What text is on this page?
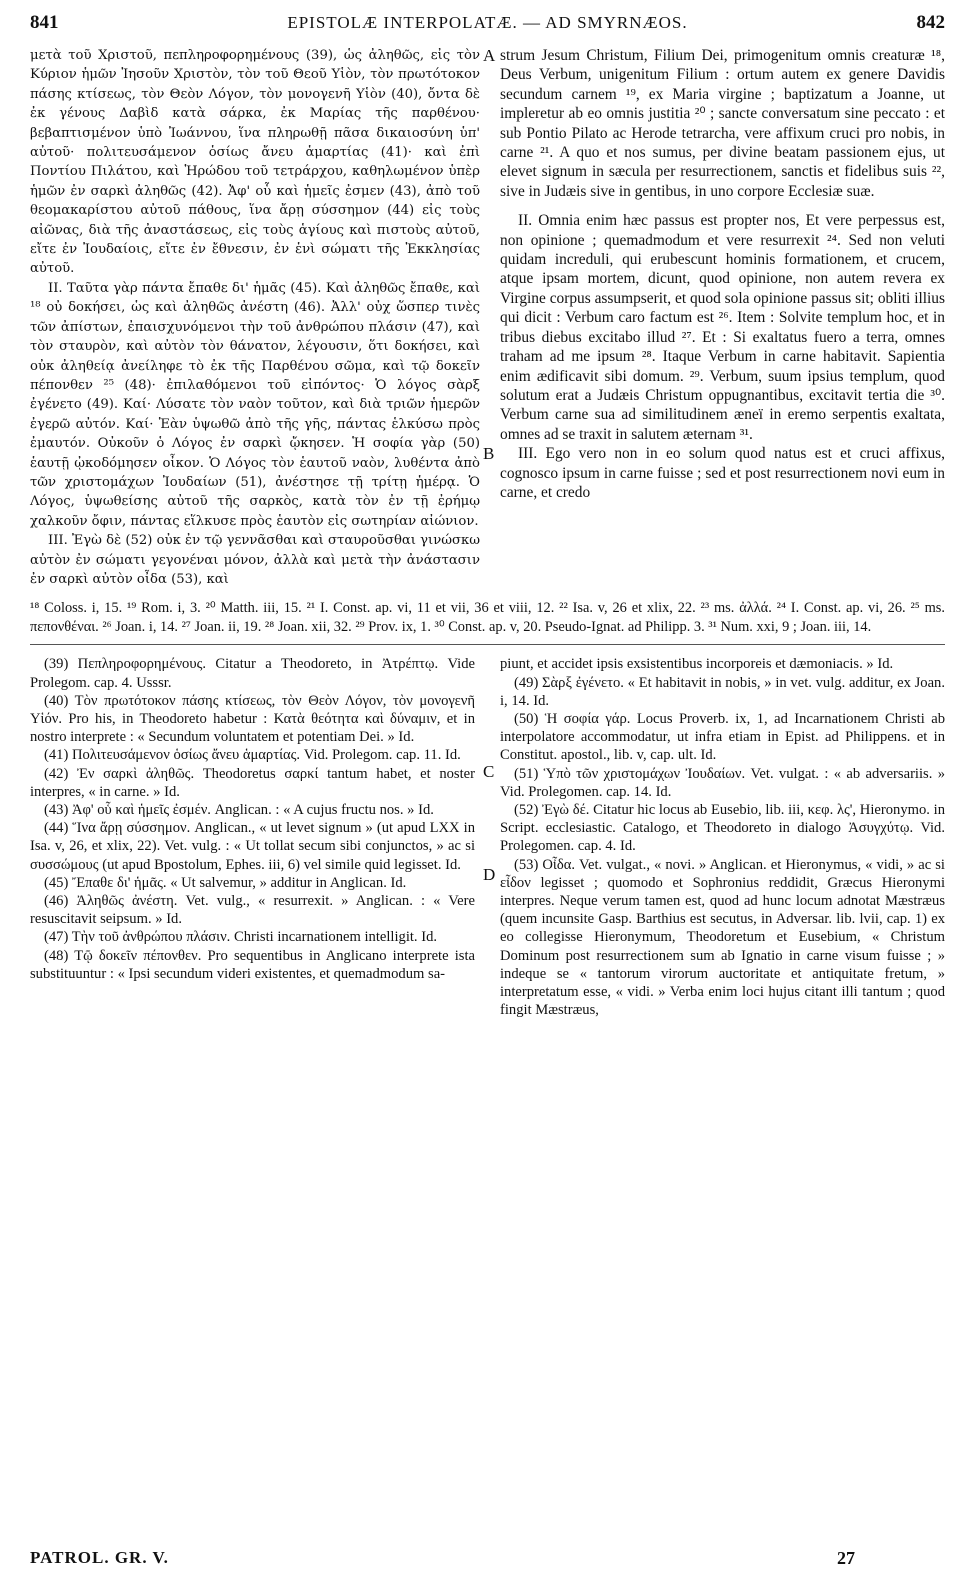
841	EPISTOLÆ INTERPOLATÆ. — AD SMYRNÆOS.	842

μετὰ τοῦ Χριστοῦ, πεπληροφορημένους (39), ὡς ἀληθῶς, εἰς τὸν Κύριον ἡμῶν Ἰησοῦν Χριστὸν, τὸν τοῦ Θεοῦ Υἱὸν, τὸν πρωτότοκον πάσης κτίσεως, τὸν Θεὸν Λόγον, τὸν μονογενῆ Υἱὸν (40), ὄντα δὲ ἐκ γένους Δαβὶδ κατὰ σάρκα, ἐκ Μαρίας τῆς παρθένου· βεβαπτισμένον ὑπὸ Ἰωάννου, ἵνα πληρωθῇ πᾶσα δικαιοσύνη ὑπ' αὐτοῦ· πολιτευσάμενον ὁσίως ἄνευ ἁμαρτίας (41)· καὶ ἐπὶ Ποντίου Πιλάτου, καὶ Ἡρώδου τοῦ τετράρχου, καθηλωμένον ὑπὲρ ἡμῶν ἐν σαρκὶ ἀληθῶς (42). Ἀφ' οὗ καὶ ἡμεῖς ἐσμεν (43), ἀπὸ τοῦ θεομακαρίστου αὐτοῦ πάθους, ἵνα ἄρῃ σύσσημον (44) εἰς τοὺς αἰῶνας, διὰ τῆς ἀναστάσεως, εἰς τοὺς ἁγίους καὶ πιστοὺς αὐτοῦ, εἴτε ἐν Ἰουδαίοις, εἴτε ἐν ἔθνεσιν, ἐν ἑνὶ σώματι τῆς Ἐκκλησίας αὐτοῦ.

II. Ταῦτα γὰρ πάντα ἔπαθε δι' ἡμᾶς (45). Καὶ ἀληθῶς ἔπαθε, καὶ ¹⁸ οὐ δοκήσει, ὡς καὶ ἀληθῶς ἀνέστη (46). Ἀλλ' οὐχ ὥσπερ τινὲς τῶν ἀπίστων, ἐπαισχυνόμενοι τὴν τοῦ ἀνθρώπου πλάσιν (47), καὶ τὸν σταυρὸν, καὶ αὐτὸν τὸν θάνατον, λέγουσιν, ὅτι δοκήσει, καὶ οὐκ ἀληθείᾳ ἀνείληφε τὸ ἐκ τῆς Παρθένου σῶμα, καὶ τῷ δοκεῖν πέπονθεν ²⁵ (48)· ἐπιλαθόμενοι τοῦ εἰπόντος· Ὁ λόγος σὰρξ ἐγένετο (49). Καί· Λύσατε τὸν ναὸν τοῦτον, καὶ διὰ τριῶν ἡμερῶν ἐγερῶ αὐτόν. Καί· Ἐὰν ὑψωθῶ ἀπὸ τῆς γῆς, πάντας ἑλκύσω πρὸς ἐμαυτόν. Οὐκοῦν ὁ Λόγος ἐν σαρκὶ ᾤκησεν. Ἡ σοφία γὰρ (50) ἑαυτῇ ᾠκοδόμησεν οἶκον. Ὁ Λόγος τὸν ἑαυτοῦ ναὸν, λυθέντα ἀπὸ τῶν χριστομάχων Ἰουδαίων (51), ἀνέστησε τῇ τρίτῃ ἡμέρᾳ. Ὁ Λόγος, ὑψωθείσης αὐτοῦ τῆς σαρκὸς, κατὰ τὸν ἐν τῇ ἐρήμῳ χαλκοῦν ὄφιν, πάντας εἵλκυσε πρὸς ἑαυτὸν εἰς σωτηρίαν αἰώνιον.

III. Ἐγὼ δὲ (52) οὐκ ἐν τῷ γεννᾶσθαι καὶ σταυροῦσθαι γινώσκω αὐτὸν ἐν σώματι γεγονέναι μόνον, ἀλλὰ καὶ μετὰ τὴν ἀνάστασιν ἐν σαρκὶ αὐτὸν οἶδα (53), καὶ

A
B
C

strum Jesum Christum, Filium Dei, primogenitum omnis creaturæ ¹⁸, Deus Verbum, unigenitum Filium : ortum autem ex genere Davidis secundum carnem ¹⁹, ex Maria virgine ; baptizatum a Joanne, ut impleretur ab eo omnis justitia ²⁰ ; sancte conversatum sine peccato : et sub Pontio Pilato ac Herode tetrarcha, vere affixum cruci pro nobis, in carne ²¹. A quo et nos sumus, per divine beatam passionem ejus, ut elevet signum in sæcula per resurrectionem, sanctis et fidelibus suis ²², sive in Judæis sive in gentibus, in uno corpore Ecclesiæ suæ.

II. Omnia enim hæc passus est propter nos, Et vere perpessus est, non opinione ; quemadmodum et vere resurrexit ²⁴. Sed non veluti quidam increduli, qui erubescunt hominis formationem, et crucem, atque ipsam mortem, dicunt, quod opinione, non autem revera ex Virgine corpus assumpserit, et quod sola opinione passus sit; obliti illius qui dicit : Verbum caro factum est ²⁶. Item : Solvite templum hoc, et in tribus diebus excitabo illud ²⁷. Et : Si exaltatus fuero a terra, omnes traham ad me ipsum ²⁸. Itaque Verbum in carne habitavit. Sapientia enim ædificavit sibi domum. ²⁹. Verbum, suum ipsius templum, quod solutum erat a Judæis Christum oppugnantibus, excitavit tertia die ³⁰. Verbum carne sua ad similitudinem æneï in eremo serpentis exaltata, omnes ad se traxit in salutem æternam ³¹.

III. Ego vero non in eo solum quod natus est et cruci affixus, cognosco ipsum in carne fuisse ; sed et post resurrectionem novi eum in carne, et credo

¹⁸ Coloss. i, 15. ¹⁹ Rom. i, 3. ²⁰ Matth. iii, 15. ²¹ I. Const. ap. vi, 11 et vii, 36 et viii, 12. ²² Isa. v, 26 et xlix, 22. ²³ ms. ἀλλά. ²⁴ I. Const. ap. vi, 26. ²⁵ ms. πεπονθέναι. ²⁶ Joan. i, 14. ²⁷ Joan. ii, 19. ²⁸ Joan. xii, 32. ²⁹ Prov. ix, 1. ³⁰ Const. ap. v, 20. Pseudo-Ignat. ad Philipp. 3. ³¹ Num. xxi, 9 ; Joan. iii, 14.

(39) Πεπληροφορημένους. Citatur a Theodoreto, in Ἀτρέπτῳ. Vide Prolegom. cap. 4. Usssr.

(40) Τὸν πρωτότοκον πάσης κτίσεως, τὸν Θεὸν Λόγον, τὸν μονογενῆ Υἱόν. Pro his, in Theodoreto habetur : Κατὰ θεότητα καὶ δύναμιν, et in nostro interprete : « Secundum voluntatem et potentiam Dei. » Id.

(41) Πολιτευσάμενον ὁσίως ἄνευ ἁμαρτίας. Vid. Prolegom. cap. 11. Id.

(42) Ἐν σαρκὶ ἀληθῶς. Theodoretus σαρκί tantum habet, et noster interpres, « in carne. » Id.

(43) Ἀφ' οὗ καὶ ἡμεῖς ἐσμέν. Anglican. : « A cujus fructu nos. » Id.

(44) Ἵνα ἄρῃ σύσσημον. Anglican., « ut levet signum » (ut apud LXX in Isa. v, 26, et xlix, 22). Vet. vulg. : « Ut tollat secum sibi conjunctos, » ac si συσσώμους (ut apud Bpostolum, Ephes. iii, 6) vel simile quid legisset. Id.

(45) Ἔπαθε δι' ἡμᾶς. « Ut salvemur, » additur in Anglican. Id.

(46) Ἀληθῶς ἀνέστη. Vet. vulg., « resurrexit. » Anglican. : « Vere resuscitavit seipsum. » Id.

(47) Τὴν τοῦ ἀνθρώπου πλάσιν. Christi incarnationem intelligit. Id.

(48) Τῷ δοκεῖν πέπονθεν. Pro sequentibus in Anglicano interprete ista substituuntur : « Ipsi secundum videri existentes, et quemadmodum sa-

D

piunt, et accidet ipsis exsistentibus incorporeis et dæmoniacis. » Id.

(49) Σὰρξ ἐγένετο. « Et habitavit in nobis, » in vet. vulg. additur, ex Joan. i, 14. Id.

(50) Ἡ σοφία γάρ. Locus Proverb. ix, 1, ad Incarnationem Christi ab interpolatore accommodatur, ut infra etiam in Epist. ad Philippens. et in Constitut. apostol., lib. v, cap. ult. Id.

(51) Ὑπὸ τῶν χριστομάχων Ἰουδαίων. Vet. vulgat. : « ab adversariis. » Vid. Prolegomen. cap. 14. Id.

(52) Ἐγὼ δέ. Citatur hic locus ab Eusebio, lib. iii, κεφ. λς', Hieronymo. in Script. ecclesiastic. Catalogo, et Theodoreto in dialogo Ἀσυγχύτῳ. Vid. Prolegomen. cap. 4. Id.

(53) Οἶδα. Vet. vulgat., « novi. » Anglican. et Hieronymus, « vidi, » ac si εἶδον legisset ; quomodo et Sophronius reddidit, Græcus Hieronymi interpres. Neque verum tamen est, quod ad hunc locum adnotat Mæstræus (quem incunsite Gasp. Barthius est secutus, in Adversar. lib. lvii, cap. 1) ex eo collegisse Hieronymum, Theodoretum et Eusebium, « Christum Dominum post resurrectionem sum ab Ignatio in carne visum fuisse ; » indeque se « tantorum virorum auctoritate et antiquitate fretum, » interpretatum esse, « vidi. » Verba enim loci hujus citant illi tantum ; quod fingit Mæstræus,

PATROL. GR. V.	27
